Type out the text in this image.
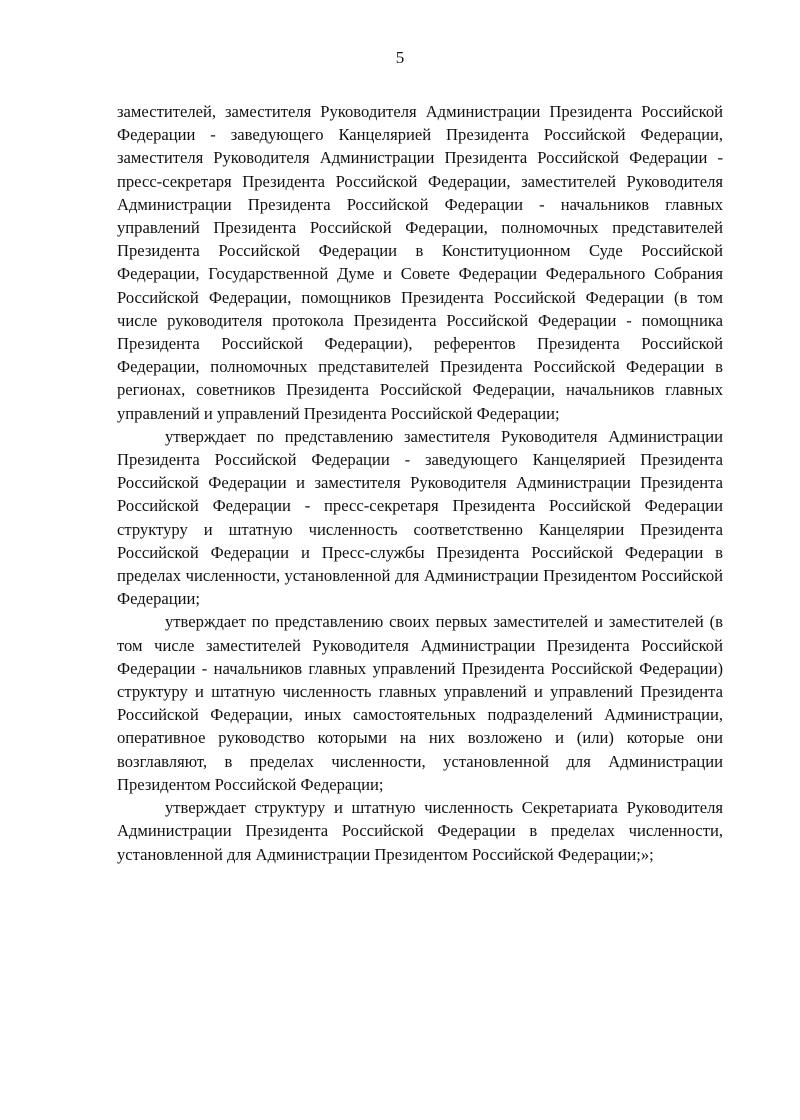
5

заместителей, заместителя Руководителя Администрации Президента Российской Федерации - заведующего Канцелярией Президента Российской Федерации, заместителя Руководителя Администрации Президента Российской Федерации - пресс-секретаря Президента Российской Федерации, заместителей Руководителя Администрации Президента Российской Федерации - начальников главных управлений Президента Российской Федерации, полномочных представителей Президента Российской Федерации в Конституционном Суде Российской Федерации, Государственной Думе и Совете Федерации Федерального Собрания Российской Федерации, помощников Президента Российской Федерации (в том числе руководителя протокола Президента Российской Федерации - помощника Президента Российской Федерации), референтов Президента Российской Федерации, полномочных представителей Президента Российской Федерации в регионах, советников Президента Российской Федерации, начальников главных управлений и управлений Президента Российской Федерации;

утверждает по представлению заместителя Руководителя Администрации Президента Российской Федерации - заведующего Канцелярией Президента Российской Федерации и заместителя Руководителя Администрации Президента Российской Федерации - пресс-секретаря Президента Российской Федерации структуру и штатную численность соответственно Канцелярии Президента Российской Федерации и Пресс-службы Президента Российской Федерации в пределах численности, установленной для Администрации Президентом Российской Федерации;

утверждает по представлению своих первых заместителей и заместителей (в том числе заместителей Руководителя Администрации Президента Российской Федерации - начальников главных управлений Президента Российской Федерации) структуру и штатную численность главных управлений и управлений Президента Российской Федерации, иных самостоятельных подразделений Администрации, оперативное руководство которыми на них возложено и (или) которые они возглавляют, в пределах численности, установленной для Администрации Президентом Российской Федерации;

утверждает структуру и штатную численность Секретариата Руководителя Администрации Президента Российской Федерации в пределах численности, установленной для Администрации Президентом Российской Федерации;»;
